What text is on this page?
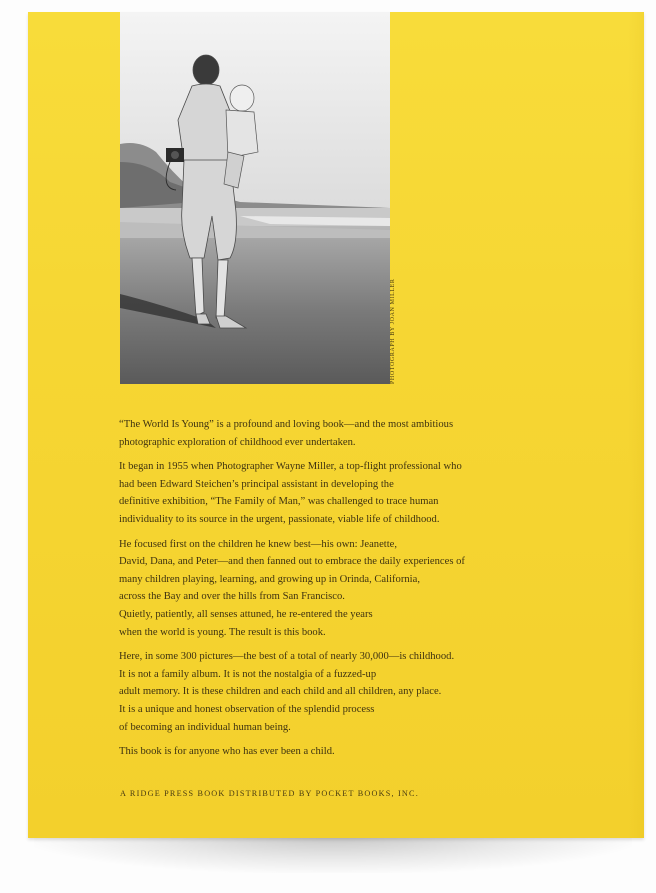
PHOTOGRAPH BY JOAN MILLER

“The World Is Young” is a profound and loving book—and the most ambitious
photographic exploration of childhood ever undertaken.

It began in 1955 when Photographer Wayne Miller, a top-flight professional who
had been Edward Steichen’s principal assistant in developing the
definitive exhibition, “The Family of Man,” was challenged to trace human
individuality to its source in the urgent, passionate, viable life of childhood.

He focused first on the children he knew best—his own: Jeanette,
David, Dana, and Peter—and then fanned out to embrace the daily experiences of
many children playing, learning, and growing up in Orinda, California,
across the Bay and over the hills from San Francisco.
Quietly, patiently, all senses attuned, he re-entered the years
when the world is young. The result is this book.

Here, in some 300 pictures—the best of a total of nearly 30,000—is childhood.
It is not a family album. It is not the nostalgia of a fuzzed-up
adult memory. It is these children and each child and all children, any place.
It is a unique and honest observation of the splendid process
of becoming an individual human being.

This book is for anyone who has ever been a child.

A RIDGE PRESS BOOK DISTRIBUTED BY POCKET BOOKS, INC.
